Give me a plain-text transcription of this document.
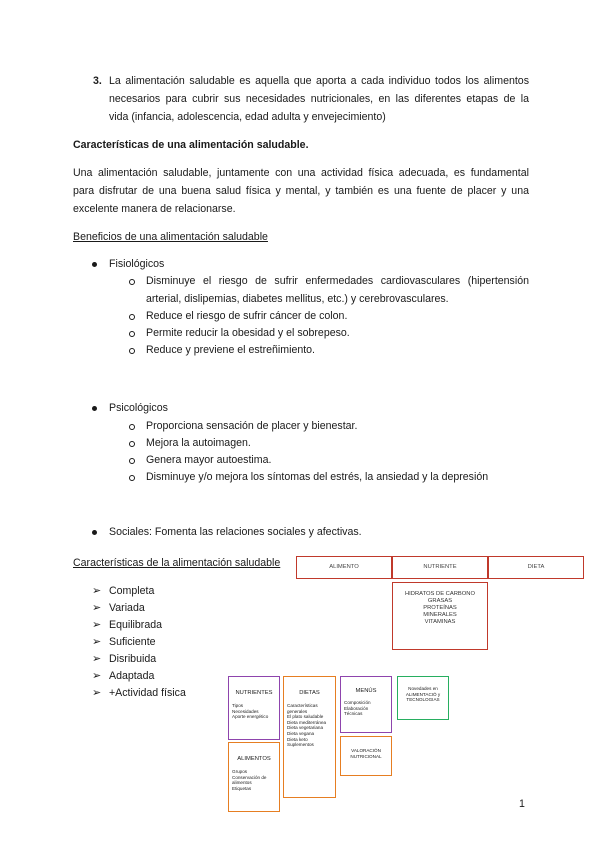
3. La alimentación saludable es aquella que aporta a cada individuo todos los alimentos
necesarios para cubrir sus necesidades nutricionales, en las diferentes etapas de la
vida (infancia, adolescencia, edad adulta y envejecimiento)
Características de una alimentación saludable.
Una alimentación saludable, juntamente con una actividad física adecuada, es fundamental
para disfrutar de una buena salud física y mental, y también es una fuente de placer y una
excelente manera de relacionarse.
Beneficios de una alimentación saludable
Fisiológicos
Disminuye el riesgo de sufrir enfermedades cardiovasculares (hipertensión
arterial, dislipemias, diabetes mellitus, etc.) y cerebrovasculares.
Reduce el riesgo de sufrir cáncer de colon.
Permite reducir la obesidad y el sobrepeso.
Reduce y previene el estreñimiento.
Psicológicos
Proporciona sensación de placer y bienestar.
Mejora la autoimagen.
Genera mayor autoestima.
Disminuye y/o mejora los síntomas del estrés, la ansiedad y la depresión
Sociales: Fomenta las relaciones sociales y afectivas.
Características de la alimentación saludable
➢ Completa
➢ Variada
➢ Equilibrada
➢ Suficiente
➢ Disribuida
➢ Adaptada
➢ +Actividad física
ALIMENTO	NUTRIENTE	DIETA
HIDRATOS DE CARBONO
GRASAS
PROTEÍNAS
MINERALES
VITAMINAS
NUTRIENTES
Tipos
Necesidades
Aporte energético
DIETAS
Características
generales
El plato saludable
Dieta mediterránea
Dieta vegetariana
Dieta vegana
Dieta keto
Suplementos
MENÚS
Composición
Elaboración
Técnicas
Novedades en
ALIMENTACIÓ y
TECNOLOGIAS
ALIMENTOS
Grupos
Conservación de
alimentos
Etiquetas
VALORACIÓN
NUTRICIONAL
1
